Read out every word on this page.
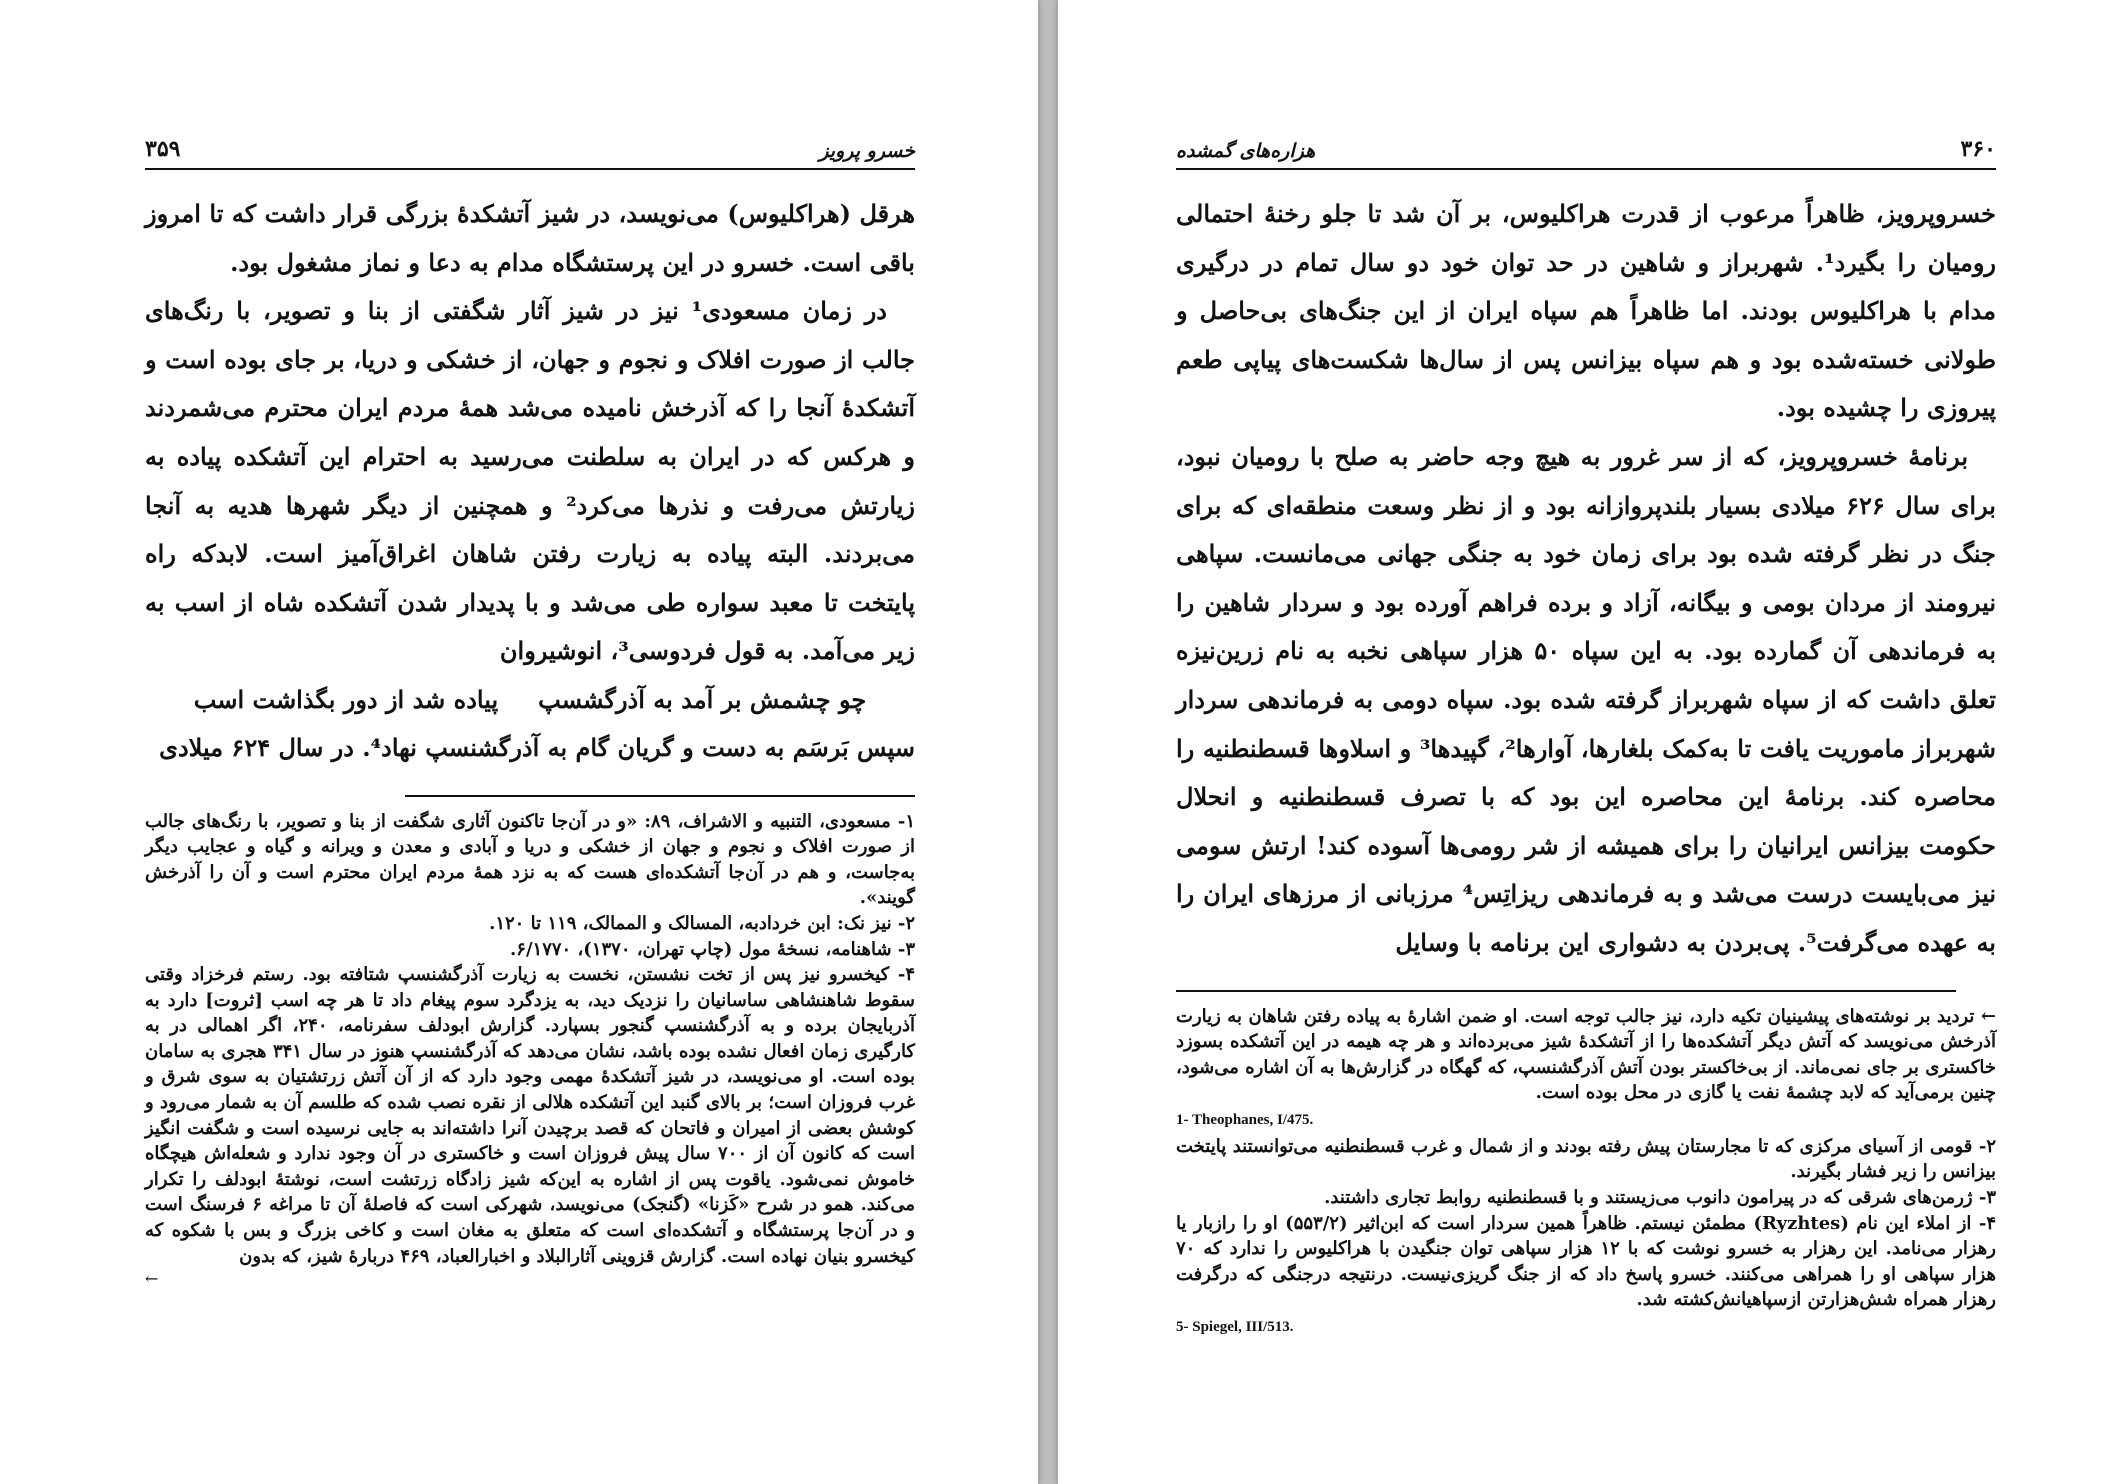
خسرو پرویز
۳۵۹

هرقل (هراکلیوس) می‌نویسد، در شیز آتشکدهٔ بزرگی قرار داشت که تا امروز باقی است. خسرو در این پرستشگاه مدام به دعا و نماز مشغول بود.

در زمان مسعودی¹ نیز در شیز آثار شگفتی از بنا و تصویر، با رنگ‌های جالب از صورت افلاک و نجوم و جهان، از خشکی و دریا، بر جای بوده است و آتشکدهٔ آنجا را که آذرخش نامیده می‌شد همهٔ مردم ایران محترم می‌شمردند و هرکس که در ایران به سلطنت می‌رسید به احترام این آتشکده پیاده به زیارتش می‌رفت و نذرها می‌کرد² و همچنین از دیگر شهرها هدیه به آنجا می‌بردند. البته پیاده به زیارت رفتن شاهان اغراق‌آمیز است. لابدکه راه پایتخت تا معبد سواره طی می‌شد و با پدیدار شدن آتشکده شاه از اسب به زیر می‌آمد. به قول فردوسی³، انوشیروان

چو چشمش بر آمد به آذرگشسپ
پیاده شد از دور بگذاشت اسب

سپس بَرسَم به دست و گریان گام به آذرگشنسپ نهاد⁴. در سال ۶۲۴ میلادی

۱- مسعودی، التنبیه و الاشراف، ۸۹: «و در آن‌جا تاکنون آثاری شگفت از بنا و تصویر، با رنگ‌های جالب از صورت افلاک و نجوم و جهان از خشکی و دریا و آبادی و معدن و ویرانه و گیاه و عجایب دیگر به‌جاست، و هم در آن‌جا آتشکده‌ای هست که به نزد همهٔ مردم ایران محترم است و آن را آذرخش گویند».

۲- نیز نک: ابن خردادبه، المسالک و الممالک، ۱۱۹ تا ۱۲۰.

۳- شاهنامه، نسخهٔ مول (چاپ تهران، ۱۳۷۰)، ۶/۱۷۷۰.

۴- کیخسرو نیز پس از تخت نشستن، نخست به زیارت آذرگشنسپ شتافته بود. رستم فرخزاد وقتی سقوط شاهنشاهی ساسانیان را نزدیک دید، به یزدگرد سوم پیغام داد تا هر چه اسب [ثروت] دارد به آذربایجان برده و به آذرگشنسپ گنجور بسپارد. گزارش ابودلف سفرنامه، ۲۴۰، اگر اهمالی در به کارگیری زمان افعال نشده بوده باشد، نشان می‌دهد که آذرگشنسپ هنوز در سال ۳۴۱ هجری به سامان بوده است. او می‌نویسد، در شیز آتشکدهٔ مهمی وجود دارد که از آن آتش زرتشتیان به سوی شرق و غرب فروزان است؛ بر بالای گنبد این آتشکده هلالی از نقره نصب شده که طلسم آن به شمار می‌رود و کوشش بعضی از امیران و فاتحان که قصد برچیدن آنرا داشته‌اند به جایی نرسیده است و شگفت انگیز است که کانون آن از ۷۰۰ سال پیش فروزان است و خاکستری در آن وجود ندارد و شعله‌اش هیچگاه خاموش نمی‌شود. یاقوت پس از اشاره به این‌که شیز زادگاه زرتشت است، نوشتهٔ ابودلف را تکرار می‌کند. همو در شرح «کَزنا» (گنجک) می‌نویسد، شهرکی است که فاصلهٔ آن تا مراغه ۶ فرسنگ است و در آن‌جا پرستشگاه و آتشکده‌ای است که متعلق به مغان است و کاخی بزرگ و بس با شکوه که کیخسرو بنیان نهاده است. گزارش قزوینی آثارالبلاد و اخبارالعباد، ۴۶۹ دربارهٔ شیز، که بدون

←
۳۶۰
هزاره‌های گمشده

خسروپرویز، ظاهراً مرعوب از قدرت هراکلیوس، بر آن شد تا جلو رخنهٔ احتمالی رومیان را بگیرد¹. شهربراز و شاهین در حد توان خود دو سال تمام در درگیری مدام با هراکلیوس بودند. اما ظاهراً هم سپاه ایران از این جنگ‌های بی‌حاصل و طولانی خسته‌شده بود و هم سپاه بیزانس پس از سال‌ها شکست‌های پیاپی طعم پیروزی را چشیده بود.

برنامهٔ خسروپرویز، که از سر غرور به هیچ وجه حاضر به صلح با رومیان نبود، برای سال ۶۲۶ میلادی بسیار بلندپروازانه بود و از نظر وسعت منطقه‌ای که برای جنگ در نظر گرفته شده بود برای زمان خود به جنگی جهانی می‌مانست. سپاهی نیرومند از مردان بومی و بیگانه، آزاد و برده فراهم آورده بود و سردار شاهین را به فرماندهی آن گمارده بود. به این سپاه ۵۰ هزار سپاهی نخبه به نام زرین‌نیزه تعلق داشت که از سپاه شهربراز گرفته شده بود. سپاه دومی به فرماندهی سردار شهربراز ماموریت یافت تا به‌کمک بلغارها، آوارها²، گپیدها³ و اسلاوها قسطنطنیه را محاصره کند. برنامهٔ این محاصره این بود که با تصرف قسطنطنیه و انحلال حکومت بیزانس ایرانیان را برای همیشه از شر رومی‌ها آسوده کند! ارتش سومی نیز می‌بایست درست می‌شد و به فرماندهی ریزاتِس⁴ مرزبانی از مرزهای ایران را به عهده می‌گرفت⁵. پی‌بردن به دشواری این برنامه با وسایل

← تردید بر نوشته‌های پیشینیان تکیه دارد، نیز جالب توجه است. او ضمن اشارهٔ به پیاده رفتن شاهان به زیارت آذرخش می‌نویسد که آتش دیگر آتشکده‌ها را از آتشکدهٔ شیز می‌برده‌اند و هر چه هیمه در این آتشکده بسوزد خاکستری بر جای نمی‌ماند. از بی‌خاکستر بودن آتش آذرگشنسپ، که گهگاه در گزارش‌ها به آن اشاره می‌شود، چنین برمی‌آید که لابد چشمهٔ نفت یا گازی در محل بوده است.

1- Theophanes, I/475.

۲- قومی از آسیای مرکزی که تا مجارستان پیش رفته بودند و از شمال و غرب قسطنطنیه می‌توانستند پایتخت بیزانس را زیر فشار بگیرند.

۳- ژرمن‌های شرقی که در پیرامون دانوب می‌زیستند و با قسطنطنیه روابط تجاری داشتند.

۴- از املاء این نام (Ryzhtes) مطمئن نیستم. ظاهراً همین سردار است که ابن‌اثیر (۵۵۳/۲) او را رازبار یا رهزار می‌نامد. این رهزار به خسرو نوشت که با ۱۲ هزار سپاهی توان جنگیدن با هراکلیوس را ندارد که ۷۰ هزار سپاهی او را همراهی می‌کنند. خسرو پاسخ داد که از جنگ گریزی‌نیست. درنتیجه درجنگی که درگرفت رهزار همراه شش‌هزارتن ازسپاهیانش‌کشته شد.

5- Spiegel, III/513.
